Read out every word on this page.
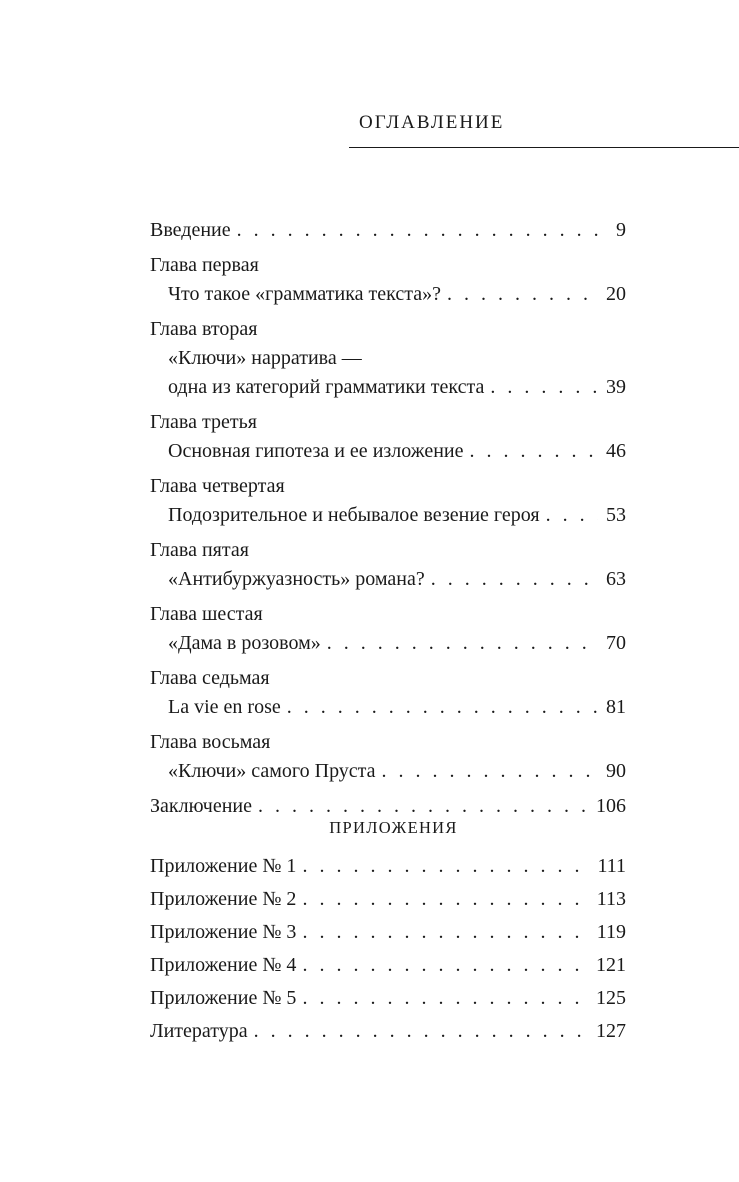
ОГЛАВЛЕНИЕ
Введение . . .	9
Глава первая
Что такое «грамматика текста»? . . .	20
Глава вторая
«Ключи» нарратива —
одна из категорий грамматики текста . . .	39
Глава третья
Основная гипотеза и ее изложение . . .	46
Глава четвертая
Подозрительное и небывалое везение героя . . .	53
Глава пятая
«Антибуржуазность» романа? . . .	63
Глава шестая
«Дама в розовом» . . .	70
Глава седьмая
La vie en rose . . .	81
Глава восьмая
«Ключи» самого Пруста . . .	90
Заключение . . .	106
ПРИЛОЖЕНИЯ
Приложение № 1 . . .	111
Приложение № 2 . . .	113
Приложение № 3 . . .	119
Приложение № 4 . . .	121
Приложение № 5 . . .	125
Литература . . .	127
